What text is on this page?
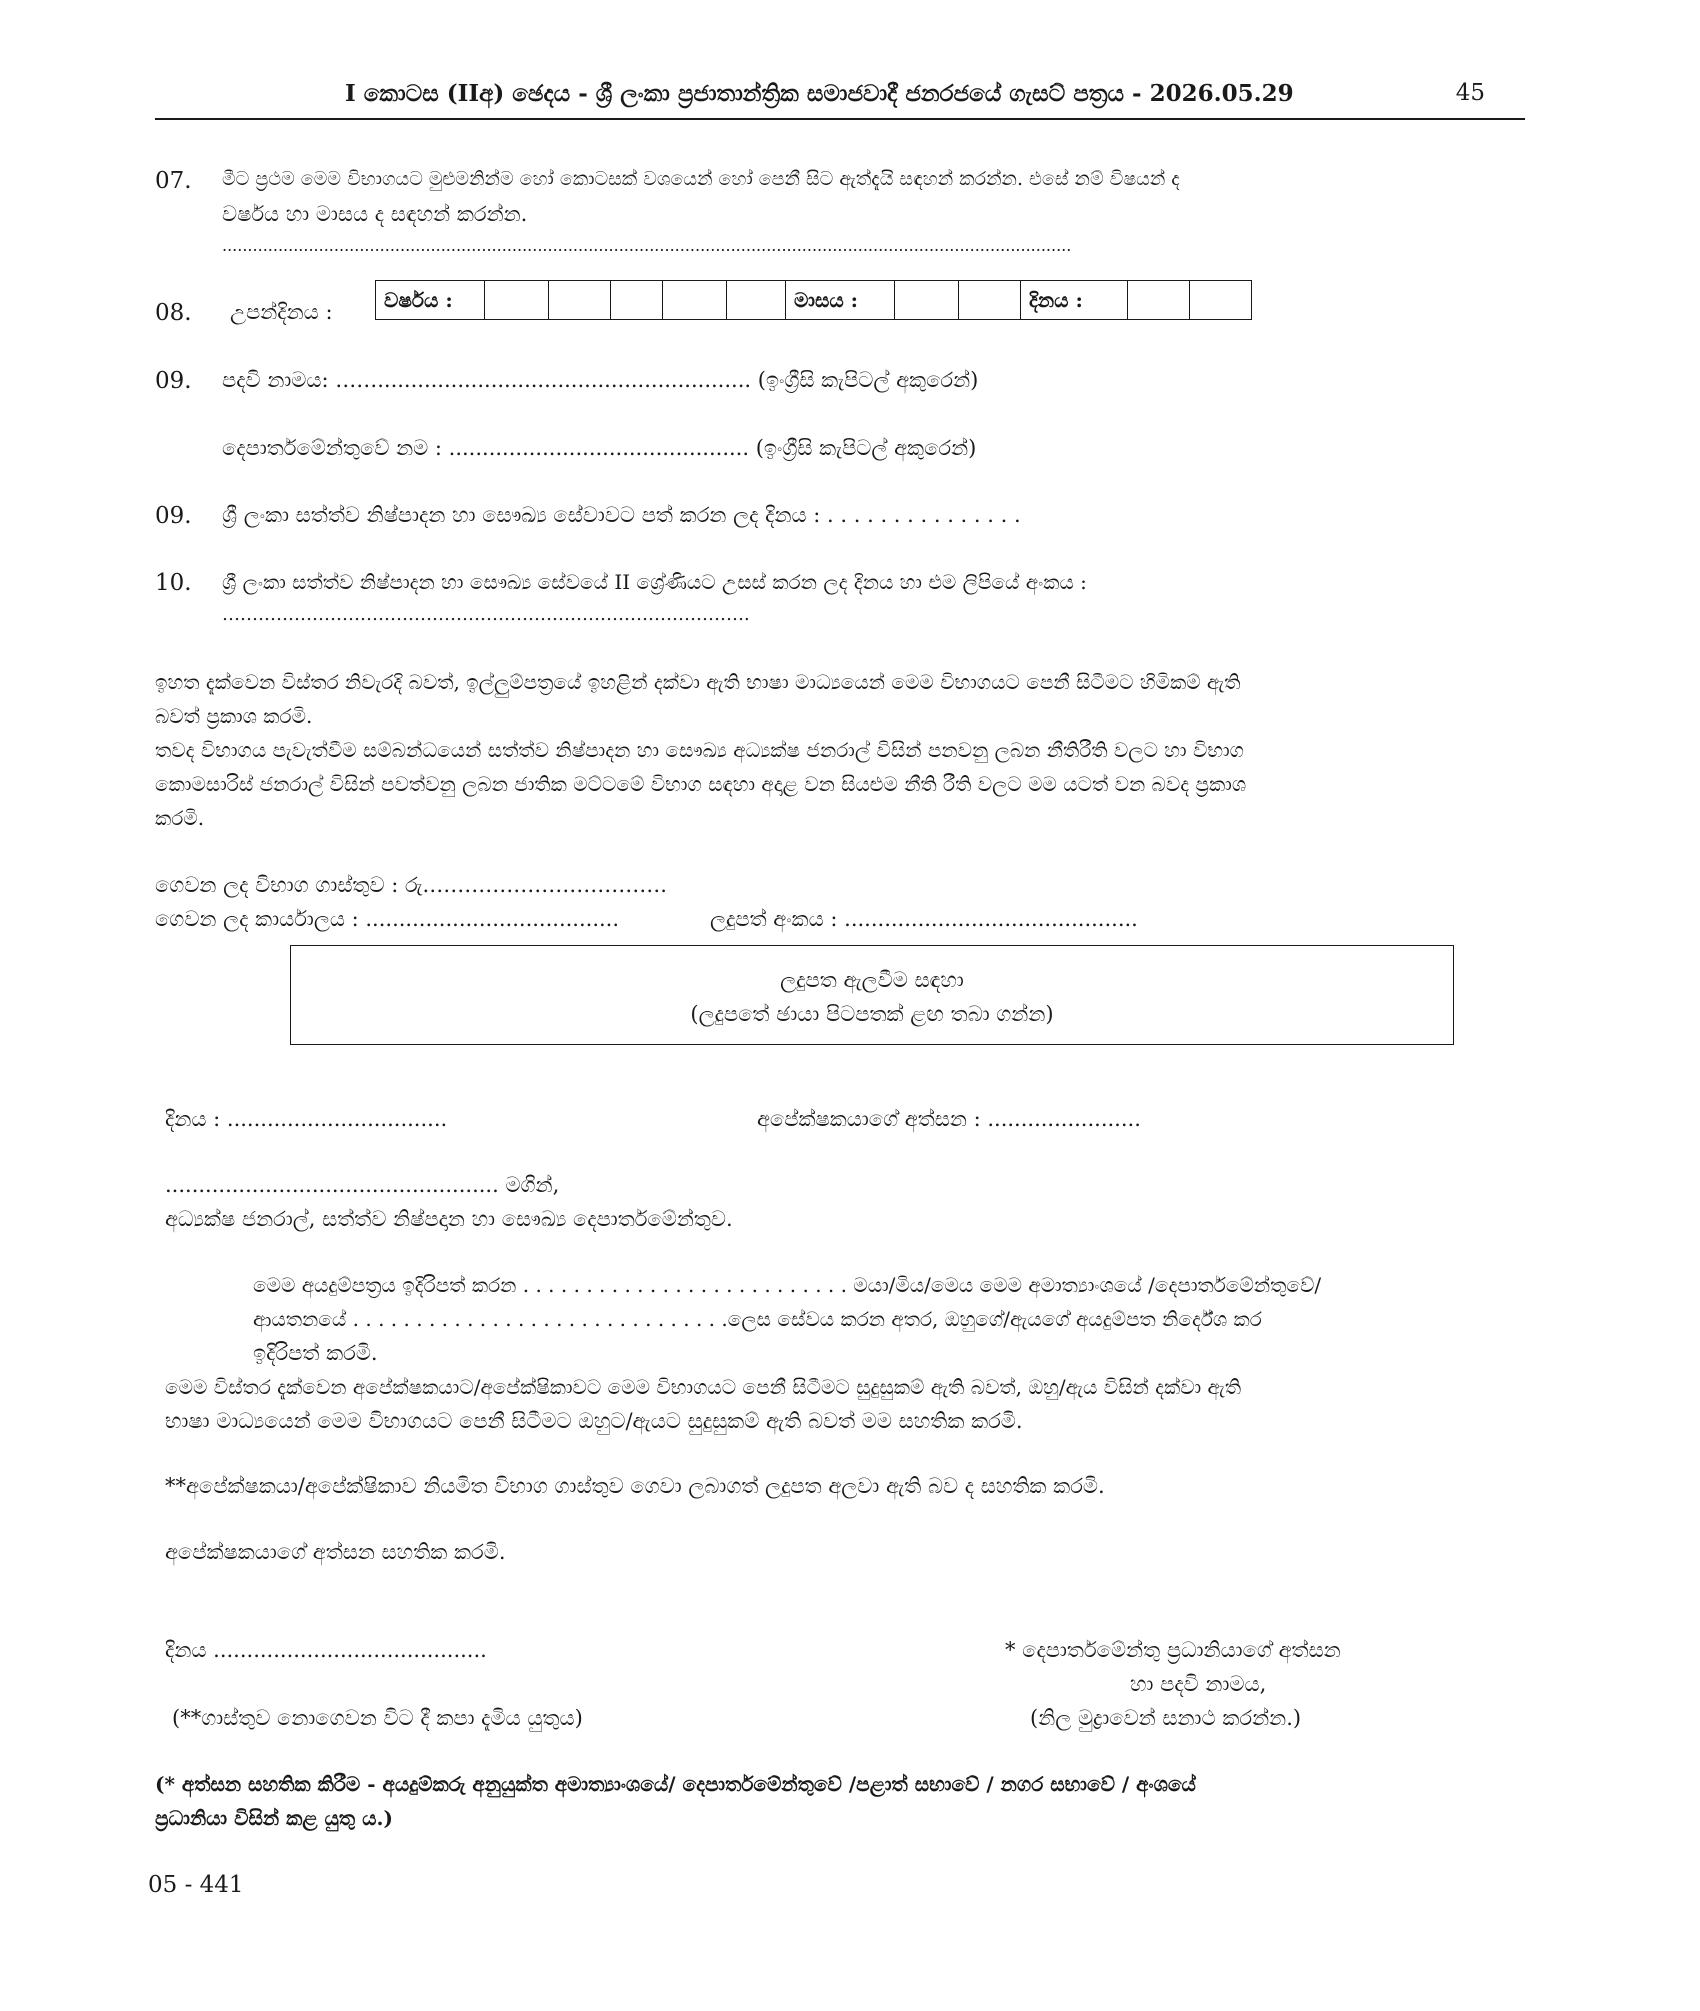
I කොටස (IIඅ) ඡෙදය - ශ්‍රී ලංකා ප්‍රජාතාන්ත්‍රික සමාජවාදී ජනරජයේ ගැසට් පත්‍රය - 2026.05.29	45
07. මීට ප්‍රථම මෙම විභාගයට මුළුමනින්ම හෝ කොටසක් වශයෙන් හෝ පෙනී සිට ඇත්දැයි සඳහන් කරන්න. එසේ නම් විෂයන් ද
වර්ෂය හා මාසය ද සඳහන් කරන්න.
.......................................................................................................................................................................
08. උපන්දිනය :	වර්ෂය :						මාසය :			දිනය :		
09. පදවි නාමය: ……........................................................ (ඉංග්‍රීසි කැපිටල් අකුරෙන්)
දෙපාර්තමේන්තුවේ නම : ............................................. (ඉංග්‍රීසි කැපිටල් අකුරෙන්)
09. ශ්‍රී ලංකා සත්ත්ව නිෂ්පාදන හා සෞඛ්‍ය සේවාවට පත් කරන ලද දිනය : . . . . . . . . . . . . . . .
10. ශ්‍රී ලංකා සත්ත්ව නිෂ්පාදන හා සෞඛ්‍ය සේවයේ II ශ්‍රේණියට උසස් කරන ලද දිනය හා එම ලිපියේ අංකය :
…………………………………………………………………………….
ඉහත දැක්වෙන විස්තර නිවැරදි බවත්, ඉල්ලුම්පත්‍රයේ ඉහළින් දක්වා ඇති භාෂා මාධ්‍යයෙන් මෙම විභාගයට පෙනී සිටීමට හිමිකම් ඇති
බවත් ප්‍රකාශ කරමි.
තවද විභාගය පැවැත්වීම සම්බන්ධයෙන් සත්ත්ව නිෂ්පාදන හා සෞඛ්‍ය අධ්‍යක්ෂ ජනරාල් විසින් පනවනු ලබන නීතිරීති වලට හා විභාග
කොමසාරිස් ජනරාල් විසින් පවත්වනු ලබන ජාතික මට්ටමේ විභාග සඳහා අදාළ වන සියළුම නීති රීති වලට මම යටත් වන බවද ප්‍රකාශ
කරමි.
ගෙවන ලද විභාග ගාස්තුව : රු.…………………………….
ගෙවන ලද කාර්යාලය : ......................................	ලදුපත් අංකය : ............................................
ලදුපත ඇලවීම සඳහා
(ලදුපතේ ඡායා පිටපතක් ළඟ තබා ගන්න)
දිනය : .................................	අපේක්ෂකයාගේ අත්සන : .......................
.................................................. මගින්,
අධ්‍යක්ෂ ජනරාල්, සත්ත්ව නිෂ්පදාන හා සෞඛ්‍ය දෙපාර්තමේන්තුව.
මෙම අයදුම්පත්‍රය ඉදිරිපත් කරන . . . . . . . . . . . . . . . . . . . . . . . . . . මයා/මිය/මෙය මෙම අමාත්‍යාංශයේ /දෙපාර්තමේන්තුවේ/
ආයතනයේ . . . . . . . . . . . . . . . . . . . . . . . . . . . . . .ලෙස සේවය කරන අතර, ඔහුගේ/ඇයගේ අයදුම්පත නිර්දේශ කර
ඉදිරිපත් කරමි.
මෙම විස්තර දැක්වෙන අපේක්ෂකයාට/අපේක්ෂිකාවට මෙම විභාගයට පෙනී සිටීමට සුදුසුකම් ඇති බවත්, ඔහු/ඇය විසින් දක්වා ඇති
භාෂා මාධ්‍යයෙන් මෙම විභාගයට පෙනී සිටීමට ඔහුට/ඇයට සුදුසුකම් ඇති බවත් මම සහතික කරමි.
**අපේක්ෂකයා/අපේක්ෂිකාව නියමිත විභාග ගාස්තුව ගෙවා ලබාගත් ලදුපත අලවා ඇති බව ද සහතික කරමි.
අපේක්ෂකයාගේ අත්සන සහතික කරමි.
දිනය .........................................	* දෙපාර්තමේන්තු ප්‍රධානියාගේ අත්සන
හා පදවි නාමය,
(**ගාස්තුව නොගෙවන විට දී කපා දැමිය යුතුය)	(නිල මුද්‍රාවෙන් සනාථ කරන්න.)
(* අත්සන සහතික කිරීම - අයදුම්කරු අනුයුක්ත අමාත්‍යාංශයේ/ දෙපාර්තමේන්තුවේ /පළාත් සභාවේ / නගර සභාවේ / අංශයේ
ප්‍රධානියා විසින් කළ යුතු ය.)
05 - 441
